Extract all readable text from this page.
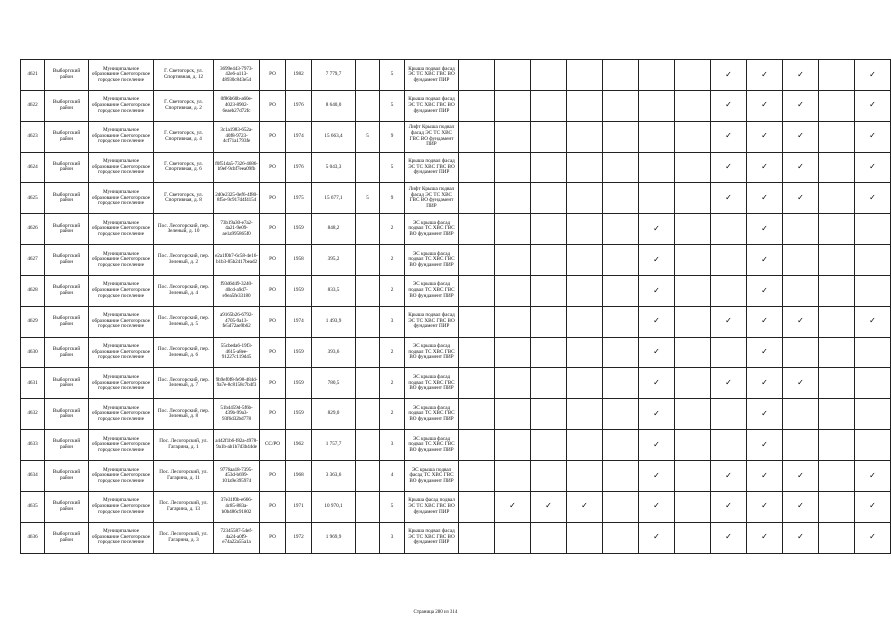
4621	Выборгский район	Муниципальное образование Светогорское городское поселение	Г. Светогорск, ул. Спортивная, д. 12	3699e443-7973-42e6-a113-48930c843e54	РО	1982	7 779,7		5	Крыша подвал фасад ЭС ТС ХВС ГВС ВО фундамент ПИР								✓	✓	✓		✓
4622	Выборгский район	Муниципальное образование Светогорское городское поселение	Г. Светогорск, ул. Спортивная, д. 2	0f86b60b-a60e-4023-8902-6eaeb27d72fc	РО	1976	8 640,0		5	Крыша подвал фасад ЭС ТС ХВС ГВС ВО фундамент ПИР								✓	✓	✓		✓
4623	Выборгский район	Муниципальное образование Светогорское городское поселение	Г. Светогорск, ул. Спортивная, д. 4	3c1a1983-652a-40f8-9723-4cf71a1793fe	РО	1974	15 663,4	5	9	Лифт Крыша подвал фасад ЭС ТС ХВС ГВС ВО фундамент ПИР								✓	✓	✓		✓
4624	Выборгский район	Муниципальное образование Светогорское городское поселение	Г. Светогорск, ул. Спортивная, д. 6	f0f51da5-7326-4686-b9ef-9cbf7eea09fb	РО	1976	5 043,3		5	Крыша подвал фасад ЭС ТС ХВС ГВС ВО фундамент ПИР								✓	✓	✓		✓
4625	Выборгский район	Муниципальное образование Светогорское городское поселение	Г. Светогорск, ул. Спортивная, д. 8	2d0e2325-0ef6-4f80-8f5e-9c917d4f4154	РО	1975	15 677,1	5	9	Лифт Крыша подвал фасад ЭС ТС ХВС ГВС ВО фундамент ПИР								✓	✓	✓		✓
4626	Выборгский район	Муниципальное образование Светогорское городское поселение	Пос. Лесогорский, пер. Зеленый, д. 10	73b19a30-e7a2-4a21-9e09-ae1a995865f0	РО	1959	848,2		2	ЭС крыша фасад подвал ТС ХВС ГВС ВО фундамент ПИР						✓			✓			
4627	Выборгский район	Муниципальное образование Светогорское городское поселение	Пос. Лесогорский, пер. Зеленый, д. 2	e2a1f0b7-6c58-4e16-b1b3-85b2417bead2	РО	1958	395,2		2	ЭС крыша фасад подвал ТС ХВС ГВС ВО фундамент ПИР						✓			✓			
4628	Выборгский район	Муниципальное образование Светогорское городское поселение	Пос. Лесогорский, пер. Зеленый, д. 4	f93d6d49-3240-40cd-a9d7-e9ea5fe33180	РО	1959	833,5		2	ЭС крыша фасад подвал ТС ХВС ГВС ВО фундамент ПИР						✓			✓			
4629	Выборгский район	Муниципальное образование Светогорское городское поселение	Пос. Лесогорский, пер. Зеленый, д. 5	a9165b26-6792-4705-9a13-fe5d72ae9b62	РО	1974	1 493,9		3	Крыша подвал фасад ЭС ТС ХВС ГВС ВО фундамент ПИР						✓		✓	✓	✓		✓
4630	Выборгский район	Муниципальное образование Светогорское городское поселение	Пос. Лесогорский, пер. Зеленый, д. 6	55cbeda6-19f3-4615-a8ee-91227c119d45	РО	1959	393,6		2	ЭС крыша фасад подвал ТС ХВС ГВС ВО фундамент ПИР						✓			✓			
4631	Выборгский район	Муниципальное образование Светогорское городское поселение	Пос. Лесогорский, пер. Зеленый, д. 7	9b9ef0f8-fe98-484d-9a7e-8c8158c7b4f3	РО	1959	780,5		2	ЭС крыша фасад подвал ТС ХВС ГВС ВО фундамент ПИР						✓		✓	✓	✓		
4632	Выборгский район	Муниципальное образование Светогорское городское поселение	Пос. Лесогорский, пер. Зеленый, д. 8	51b4459d-5f6b-439b-99a3-93f6d32bd778	РО	1959	829,0		2	ЭС крыша фасад подвал ТС ХВС ГВС ВО фундамент ПИР						✓			✓			
4633	Выборгский район	Муниципальное образование Светогорское городское поселение	Пос. Лесогорский, ул. Гагарина, д. 1	a442f1b6-f82a-4978-9a1b-ab1b7d3b44de	СС/РО	1962	1 757,7		3	ЭС крыша фасад подвал ТС ХВС ГВС ВО фундамент ПИР						✓			✓			
4634	Выборгский район	Муниципальное образование Светогорское городское поселение	Пос. Лесогорский, ул. Гагарина, д. 11	9776aa18-7395-453d-b699-101a9e395974	РО	1968	3 363,6		4	ЭС крыша подвал фасад ТС ХВС ГВС ВО фундамент ПИР						✓		✓	✓	✓		✓
4635	Выборгский район	Муниципальное образование Светогорское городское поселение	Пос. Лесогорский, ул. Гагарина, д. 13	37e31f0b-e666-4c85-883a-b0b486c91802	РО	1971	10 970,1		5	Крыша фасад подвал ЭС ТС ХВС ГВС ВО фундамент ПИР		✓	✓	✓		✓		✓	✓	✓		✓
4636	Выборгский район	Муниципальное образование Светогорское городское поселение	Пос. Лесогорский, ул. Гагарина, д. 3	72345587-54ef-4a24-a0f9-e74a22a55a1a	РО	1972	1 969,9		3	Крыша подвал фасад ЭС ТС ХВС ГВС ВО фундамент ПИР						✓		✓	✓	✓		✓
Страница 280 из 314
